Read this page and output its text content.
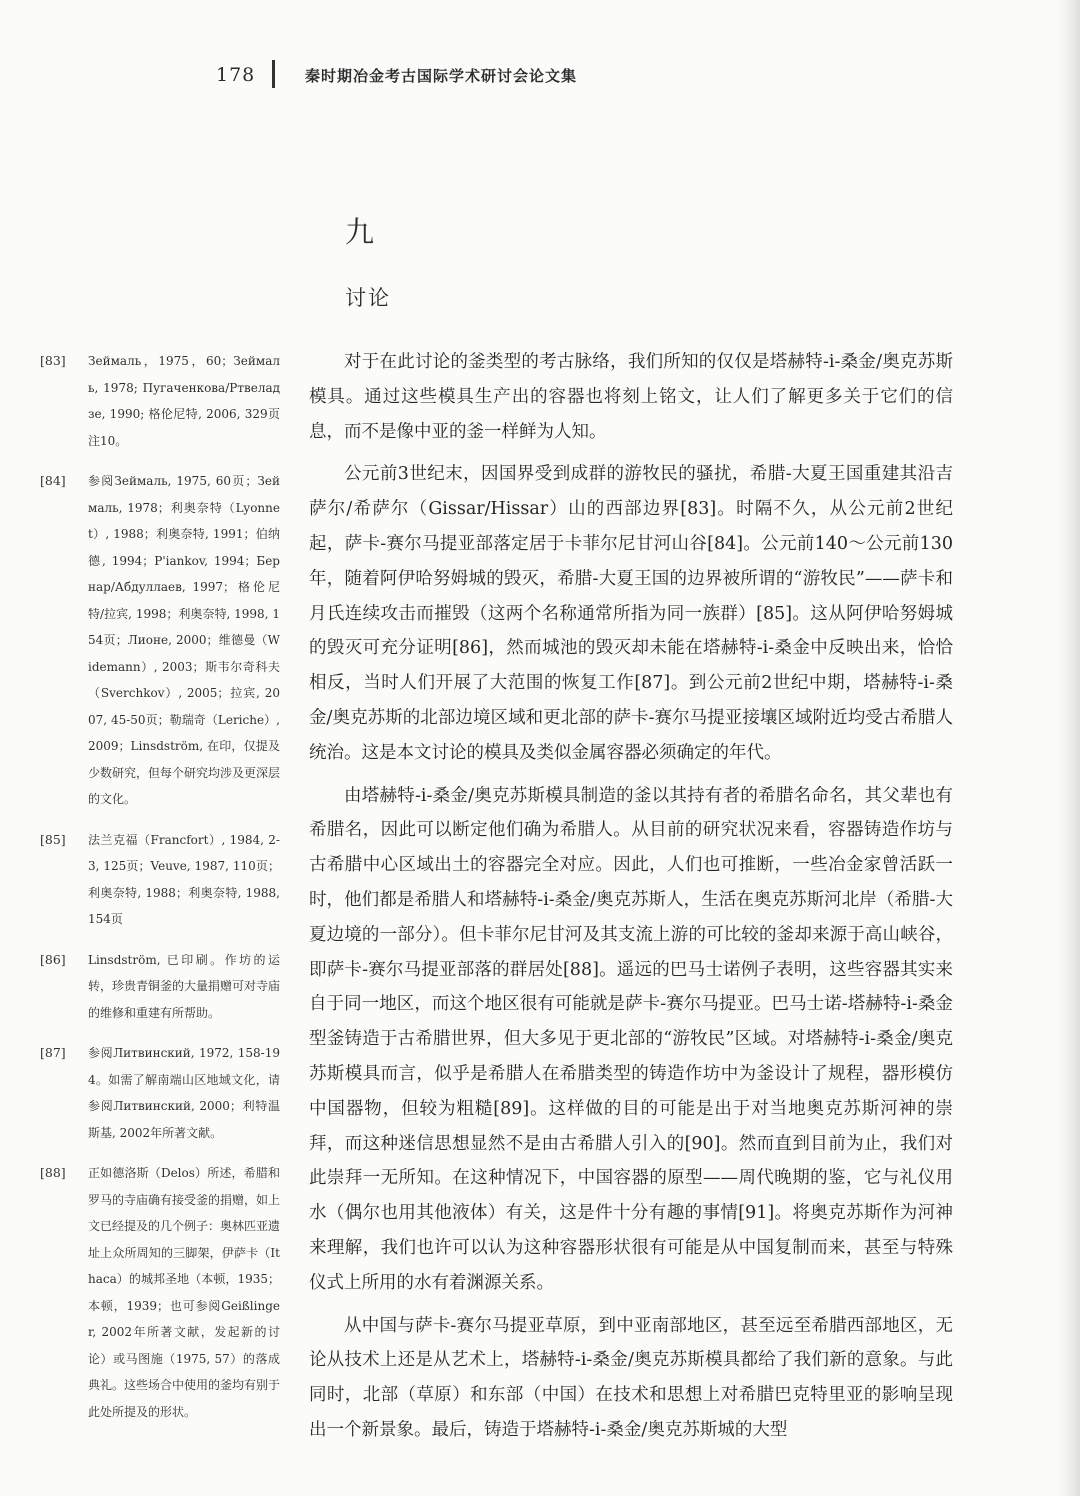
178	秦时期冶金考古国际学术研讨会论文集
九
讨论
[83]	Зеймаль，1975，60；Зеймаль, 1978; Пугаченкова/Ртвеладзе, 1990; 格伦尼特, 2006, 329页注10。
[84]	参阅Зеймаль, 1975, 60页；Зеймаль, 1978；利奥奈特（Lyonnet）, 1988；利奥奈特, 1991；伯纳德, 1994；P'iankov, 1994；Бернар/Абдуллаев, 1997；格伦尼特/拉宾, 1998；利奥奈特, 1998, 154页；Лионе, 2000；维德曼（Widemann）, 2003；斯韦尔奇科夫（Sverchkov）, 2005；拉宾, 2007, 45-50页；勒瑞奇（Leriche）, 2009；Linsdström, 在印，仅提及少数研究，但每个研究均涉及更深层的文化。
[85]	法兰克福（Francfort）, 1984, 2-3, 125页；Veuve, 1987, 110页；利奥奈特, 1988；利奥奈特, 1988, 154页
[86]	Linsdström, 已印刷。作坊的运转，珍贵青铜釜的大量捐赠可对寺庙的维修和重建有所帮助。
[87]	参阅Литвинский, 1972, 158-194。如需了解南端山区地域文化，请参阅Литвинский, 2000；利特温斯基, 2002年所著文献。
[88]	正如德洛斯（Delos）所述，希腊和罗马的寺庙确有接受釜的捐赠，如上文已经提及的几个例子：奥林匹亚遗址上众所周知的三脚架，伊萨卡（Ithaca）的城邦圣地（本顿，1935；本顿，1939；也可参阅Geißlinger, 2002年所著文献，发起新的讨论）或马图施（1975, 57）的落成典礼。这些场合中使用的釜均有别于此处所提及的形状。

对于在此讨论的釜类型的考古脉络，我们所知的仅仅是塔赫特-i-桑金/奥克苏斯模具。通过这些模具生产出的容器也将刻上铭文，让人们了解更多关于它们的信息，而不是像中亚的釜一样鲜为人知。

公元前3世纪末，因国界受到成群的游牧民的骚扰，希腊-大夏王国重建其沿吉萨尔/希萨尔（Gissar/Hissar）山的西部边界[83]。时隔不久，从公元前2世纪起，萨卡-赛尔马提亚部落定居于卡菲尔尼甘河山谷[84]。公元前140～公元前130年，随着阿伊哈努姆城的毁灭，希腊-大夏王国的边界被所谓的“游牧民”——萨卡和月氏连续攻击而摧毁（这两个名称通常所指为同一族群）[85]。这从阿伊哈努姆城的毁灭可充分证明[86]，然而城池的毁灭却未能在塔赫特-i-桑金中反映出来，恰恰相反，当时人们开展了大范围的恢复工作[87]。到公元前2世纪中期，塔赫特-i-桑金/奥克苏斯的北部边境区域和更北部的萨卡-赛尔马提亚接壤区域附近均受古希腊人统治。这是本文讨论的模具及类似金属容器必须确定的年代。

由塔赫特-i-桑金/奥克苏斯模具制造的釜以其持有者的希腊名命名，其父辈也有希腊名，因此可以断定他们确为希腊人。从目前的研究状况来看，容器铸造作坊与古希腊中心区域出土的容器完全对应。因此，人们也可推断，一些冶金家曾活跃一时，他们都是希腊人和塔赫特-i-桑金/奥克苏斯人，生活在奥克苏斯河北岸（希腊-大夏边境的一部分）。但卡菲尔尼甘河及其支流上游的可比较的釜却来源于高山峡谷，即萨卡-赛尔马提亚部落的群居处[88]。遥远的巴马士诺例子表明，这些容器其实来自于同一地区，而这个地区很有可能就是萨卡-赛尔马提亚。巴马士诺-塔赫特-i-桑金型釜铸造于古希腊世界，但大多见于更北部的“游牧民”区域。对塔赫特-i-桑金/奥克苏斯模具而言，似乎是希腊人在希腊类型的铸造作坊中为釜设计了规程，器形模仿中国器物，但较为粗糙[89]。这样做的目的可能是出于对当地奥克苏斯河神的崇拜，而这种迷信思想显然不是由古希腊人引入的[90]。然而直到目前为止，我们对此崇拜一无所知。在这种情况下，中国容器的原型——周代晚期的鉴，它与礼仪用水（偶尔也用其他液体）有关，这是件十分有趣的事情[91]。将奥克苏斯作为河神来理解，我们也许可以认为这种容器形状很有可能是从中国复制而来，甚至与特殊仪式上所用的水有着渊源关系。

从中国与萨卡-赛尔马提亚草原，到中亚南部地区，甚至远至希腊西部地区，无论从技术上还是从艺术上，塔赫特-i-桑金/奥克苏斯模具都给了我们新的意象。与此同时，北部（草原）和东部（中国）在技术和思想上对希腊巴克特里亚的影响呈现出一个新景象。最后，铸造于塔赫特-i-桑金/奥克苏斯城的大型
